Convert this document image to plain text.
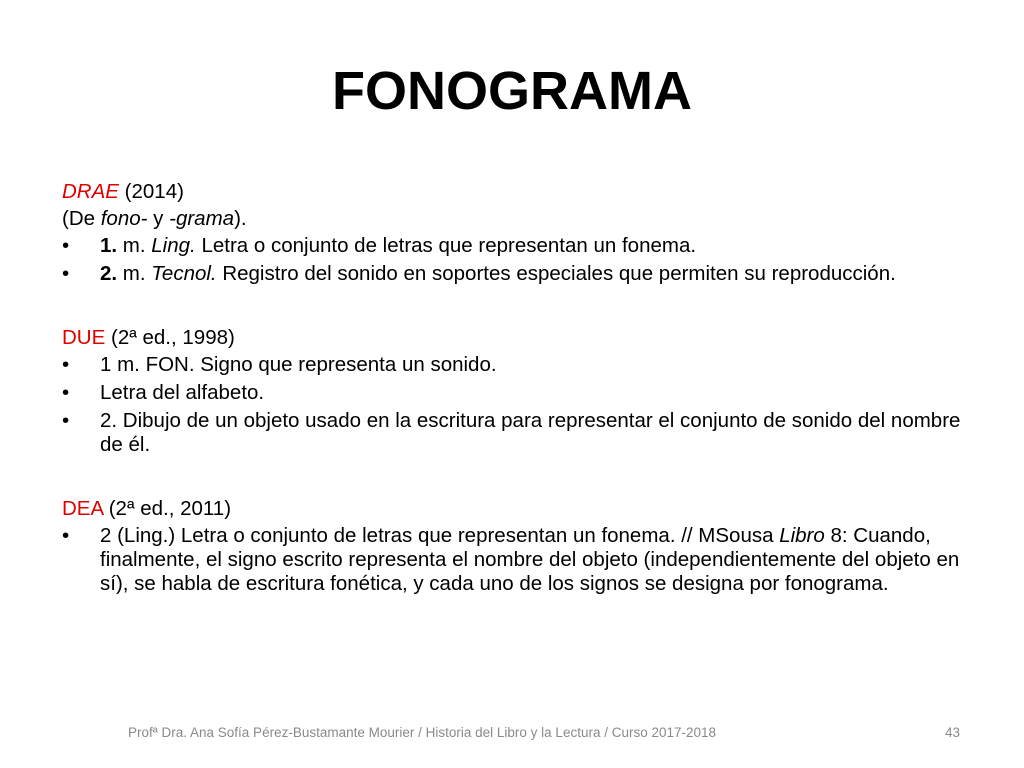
FONOGRAMA

DRAE (2014)

(De fono- y -grama).

• 1. m. Ling. Letra o conjunto de letras que representan un fonema.
• 2. m. Tecnol. Registro del sonido en soportes especiales que permiten su reproducción.

DUE (2ª ed., 1998)

• 1 m. FON. Signo que representa un sonido.
• Letra del alfabeto.
• 2. Dibujo de un objeto usado en la escritura para representar el conjunto de sonido del nombre de él.

DEA (2ª ed., 2011)

• 2 (Ling.) Letra o conjunto de letras que representan un fonema. // MSousa Libro 8: Cuando, finalmente, el signo escrito representa el nombre del objeto (independientemente del objeto en sí), se habla de escritura fonética, y cada uno de los signos se designa por fonograma.
Profª Dra. Ana Sofía Pérez-Bustamante Mourier / Historia del Libro y la Lectura / Curso 2017-2018	43
